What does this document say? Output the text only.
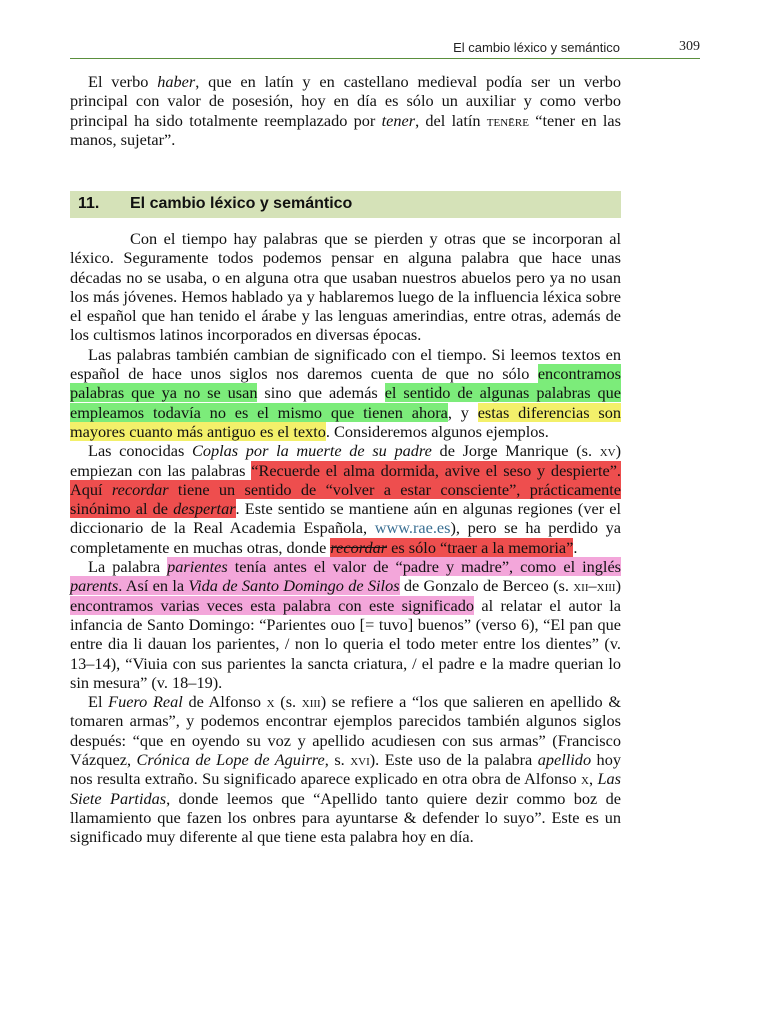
El cambio léxico y semántico	309

El verbo haber, que en latín y en castellano medieval podía ser un verbo principal con valor de posesión, hoy en día es sólo un auxiliar y como verbo principal ha sido totalmente reemplazado por tener, del latín tenēre “tener en las manos, sujetar”.

11. El cambio léxico y semántico

Con el tiempo hay palabras que se pierden y otras que se incorporan al léxico. Seguramente todos podemos pensar en alguna palabra que hace unas décadas no se usaba, o en alguna otra que usaban nuestros abuelos pero ya no usan los más jóvenes. Hemos hablado ya y hablaremos luego de la influencia léxica sobre el español que han tenido el árabe y las lenguas amerindias, entre otras, además de los cultismos latinos incorporados en diversas épocas.

Las palabras también cambian de significado con el tiempo. Si leemos textos en español de hace unos siglos nos daremos cuenta de que no sólo encontramos palabras que ya no se usan sino que además el sentido de algunas palabras que empleamos todavía no es el mismo que tienen ahora, y estas diferencias son mayores cuanto más antiguo es el texto. Consideremos algunos ejemplos.

Las conocidas Coplas por la muerte de su padre de Jorge Manrique (s. xv) empiezan con las palabras “Recuerde el alma dormida, avive el seso y despierte”. Aquí recordar tiene un sentido de “volver a estar consciente”, prácticamente sinónimo al de despertar. Este sentido se mantiene aún en algunas regiones (ver el diccionario de la Real Academia Española, www.rae.es), pero se ha perdido ya completamente en muchas otras, donde recordar es sólo “traer a la memoria”.

La palabra parientes tenía antes el valor de “padre y madre”, como el inglés parents. Así en la Vida de Santo Domingo de Silos de Gonzalo de Berceo (s. xii–xiii) encontramos varias veces esta palabra con este significado al relatar el autor la infancia de Santo Domingo: “Parientes ouo [= tuvo] buenos” (verso 6), “El pan que entre dia li dauan los parientes, / non lo queria el todo meter entre los dientes” (v. 13–14), “Viuia con sus parientes la sancta criatura, / el padre e la madre querian lo sin mesura” (v. 18–19).

El Fuero Real de Alfonso x (s. xiii) se refiere a “los que salieren en apellido & tomaren armas”, y podemos encontrar ejemplos parecidos también algunos siglos después: “que en oyendo su voz y apellido acudiesen con sus armas” (Francisco Vázquez, Crónica de Lope de Aguirre, s. xvi). Este uso de la palabra apellido hoy nos resulta extraño. Su significado aparece explicado en otra obra de Alfonso x, Las Siete Partidas, donde leemos que “Apellido tanto quiere dezir commo boz de llamamiento que fazen los onbres para ayuntarse & defender lo suyo”. Este es un significado muy diferente al que tiene esta palabra hoy en día.
